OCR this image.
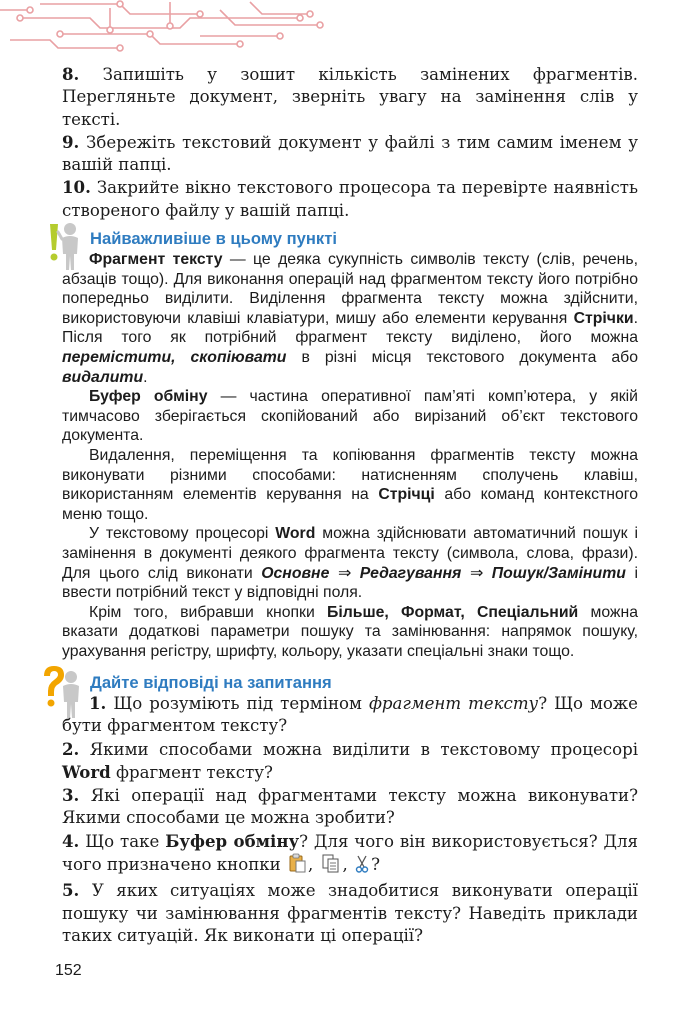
8. Запишіть у зошит кількість замінених фрагментів. Перегляньте документ, зверніть увагу на замінення слів у тексті.

9. Збережіть текстовий документ у файлі з тим самим іменем у вашій папці.

10. Закрийте вікно текстового процесора та перевірте наявність створеного файлу у вашій папці.

Найважливіше в цьому пункті

Фрагмент тексту — це деяка сукупність символів тексту (слів, речень, абзаців тощо). Для виконання операцій над фрагментом тексту його потрібно попередньо виділити. Виділення фрагмента тексту можна здійснити, використовуючи клавіші клавіатури, мишу або елементи керування Стрічки. Після того як потрібний фрагмент тексту виділено, його можна перемістити, скопіювати в різні місця текстового документа або видалити.

Буфер обміну — частина оперативної пам’яті комп’ютера, у якій тимчасово зберігається скопійований або вирізаний об’єкт текстового документа.

Видалення, переміщення та копіювання фрагментів тексту можна виконувати різними способами: натисненням сполучень клавіш, використанням елементів керування на Стрічці або команд контекстного меню тощо.

У текстовому процесорі Word можна здійснювати автоматичний пошук і замінення в документі деякого фрагмента тексту (символа, слова, фрази). Для цього слід виконати Основне ⇒ Редагування ⇒ Пошук/Замінити і ввести потрібний текст у відповідні поля.

Крім того, вибравши кнопки Більше, Формат, Спеціальний можна вказати додаткові параметри пошуку та замінювання: напрямок пошуку, урахування регістру, шрифту, кольору, указати спеціальні знаки тощо.

Дайте відповіді на запитання

1. Що розуміють під терміном фрагмент тексту? Що може бути фрагментом тексту?

2. Якими способами можна виділити в текстовому процесорі Word фрагмент тексту?

3. Які операції над фрагментами тексту можна виконувати? Якими способами це можна зробити?

4. Що таке Буфер обміну? Для чого він використовується? Для чого призначено кнопки , , ?

5. У яких ситуаціях може знадобитися виконувати операції пошуку чи замінювання фрагментів тексту? Наведіть приклади таких ситуацій. Як виконати ці операції?

152
